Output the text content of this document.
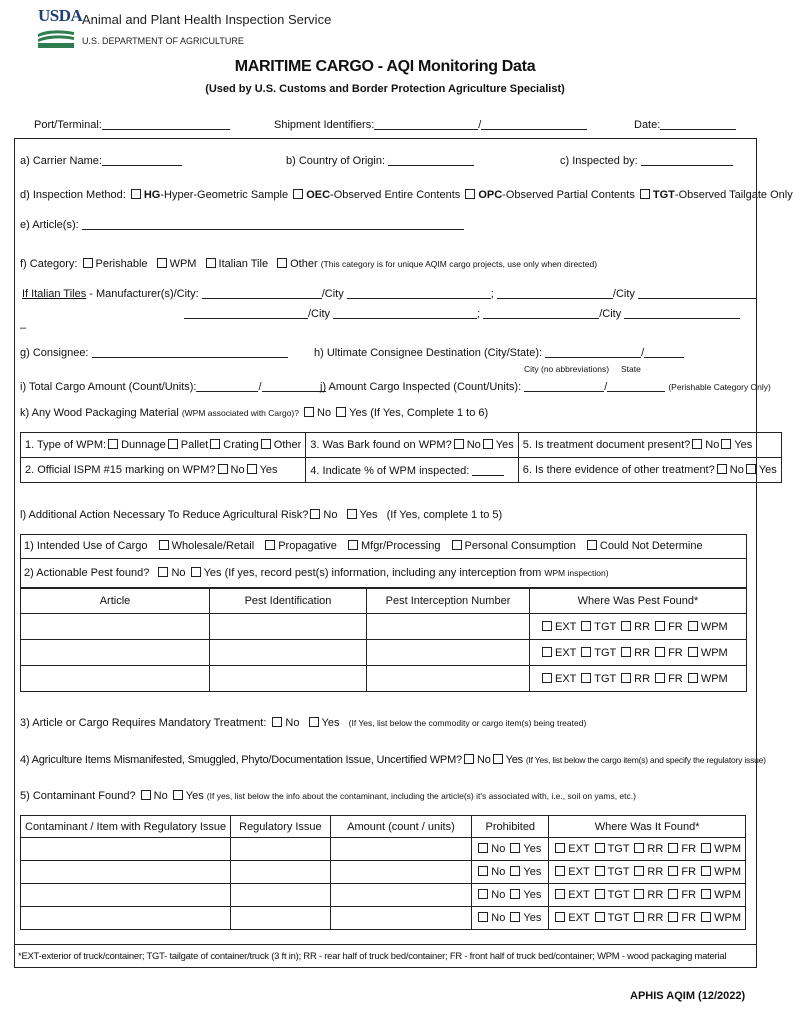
USDA Animal and Plant Health Inspection Service
U.S. DEPARTMENT OF AGRICULTURE
MARITIME CARGO - AQI Monitoring Data
(Used by U.S. Customs and Border Protection Agriculture Specialist)
Port/Terminal:	Shipment Identifiers:	/	Date:
a) Carrier Name:	b) Country of Origin:	c) Inspected by:
d) Inspection Method: HG-Hyper-Geometric Sample OEC-Observed Entire Contents OPC-Observed Partial Contents TGT-Observed Tailgate Only
e) Article(s):
f) Category: Perishable WPM Italian Tile Other (This category is for unique AQIM cargo projects, use only when directed)
If Italian Tiles - Manufacturer(s)/City:	/City	;	/City
/City	;	/City
–
g) Consignee:	h) Ultimate Consignee Destination (City/State):	/
City (no abbreviations) State
i) Total Cargo Amount (Count/Units):	/	j) Amount Cargo Inspected (Count/Units):	/	(Perishable Category Only)
k) Any Wood Packaging Material (WPM associated with Cargo)? No Yes (If Yes, Complete 1 to 6)
1. Type of WPM: Dunnage Pallet Crating Other	3. Was Bark found on WPM? No Yes	5. Is treatment document present? No Yes
2. Official ISPM #15 marking on WPM? No Yes	4. Indicate % of WPM inspected:	6. Is there evidence of other treatment? No Yes
l) Additional Action Necessary To Reduce Agricultural Risk? No Yes (If Yes, complete 1 to 5)
1) Intended Use of Cargo Wholesale/Retail Propagative Mfgr/Processing Personal Consumption Could Not Determine
2) Actionable Pest found? No Yes (If yes, record pest(s) information, including any interception from WPM inspection)
Article	Pest Identification	Pest Interception Number	Where Was Pest Found*
			EXT TGT RR FR WPM
			EXT TGT RR FR WPM
			EXT TGT RR FR WPM
3) Article or Cargo Requires Mandatory Treatment: No Yes (If Yes, list below the commodity or cargo item(s) being treated)
4) Agriculture Items Mismanifested, Smuggled, Phyto/Documentation Issue, Uncertified WPM? No Yes (If Yes, list below the cargo item(s) and specify the regulatory issue)
5) Contaminant Found? No Yes (If yes, list below the info about the contaminant, including the article(s) it's associated with, i.e., soil on yams, etc.)
Contaminant / Item with Regulatory Issue	Regulatory Issue	Amount (count / units)	Prohibited	Where Was It Found*
			No Yes	EXT TGT RR FR WPM
			No Yes	EXT TGT RR FR WPM
			No Yes	EXT TGT RR FR WPM
			No Yes	EXT TGT RR FR WPM
*EXT-exterior of truck/container; TGT- tailgate of container/truck (3 ft in); RR - rear half of truck bed/container; FR - front half of truck bed/container; WPM - wood packaging material
APHIS AQIM (12/2022)
